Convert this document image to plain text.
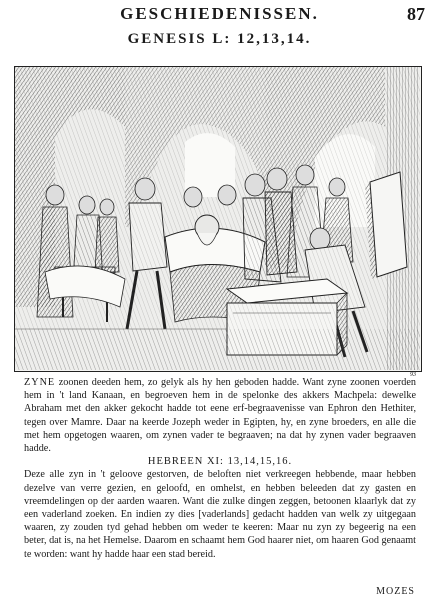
GESCHIEDENISSEN.	87
GENESIS L: 12,13,14.
93

ZYNE zoonen deeden hem, zo gelyk als hy hen geboden hadde. Want zyne zoonen voerden hem in 't land Kanaan, en begroeven hem in de spelonke des akkers Machpela: dewelke Abraham met den akker gekocht hadde tot eene erf-begraavenisse van Ephron den Hethiter, tegen over Mamre. Daar na keerde Jozeph weder in Egipten, hy, en zyne broeders, en alle die met hem opgetogen waaren, om zynen vader te begraaven; na dat hy zynen vader begraaven hadde.

HEBREEN XI: 13,14,15,16.

Deze alle zyn in 't geloove gestorven, de beloften niet verkreegen hebbende, maar hebben dezelve van verre gezien, en geloofd, en omhelst, en hebben beleeden dat zy gasten en vreemdelingen op der aarden waaren. Want die zulke dingen zeggen, betoonen klaarlyk dat zy een vaderland zoeken. En indien zy dies [vaderlands] gedacht hadden van welk zy uitgegaan waaren, zy zouden tyd gehad hebben om weder te keeren: Maar nu zyn zy begeerig na een beter, dat is, na het Hemelse. Daarom en schaamt hem God haarer niet, om haaren God genaamt te worden: want hy hadde haar een stad bereid.

MOZES
